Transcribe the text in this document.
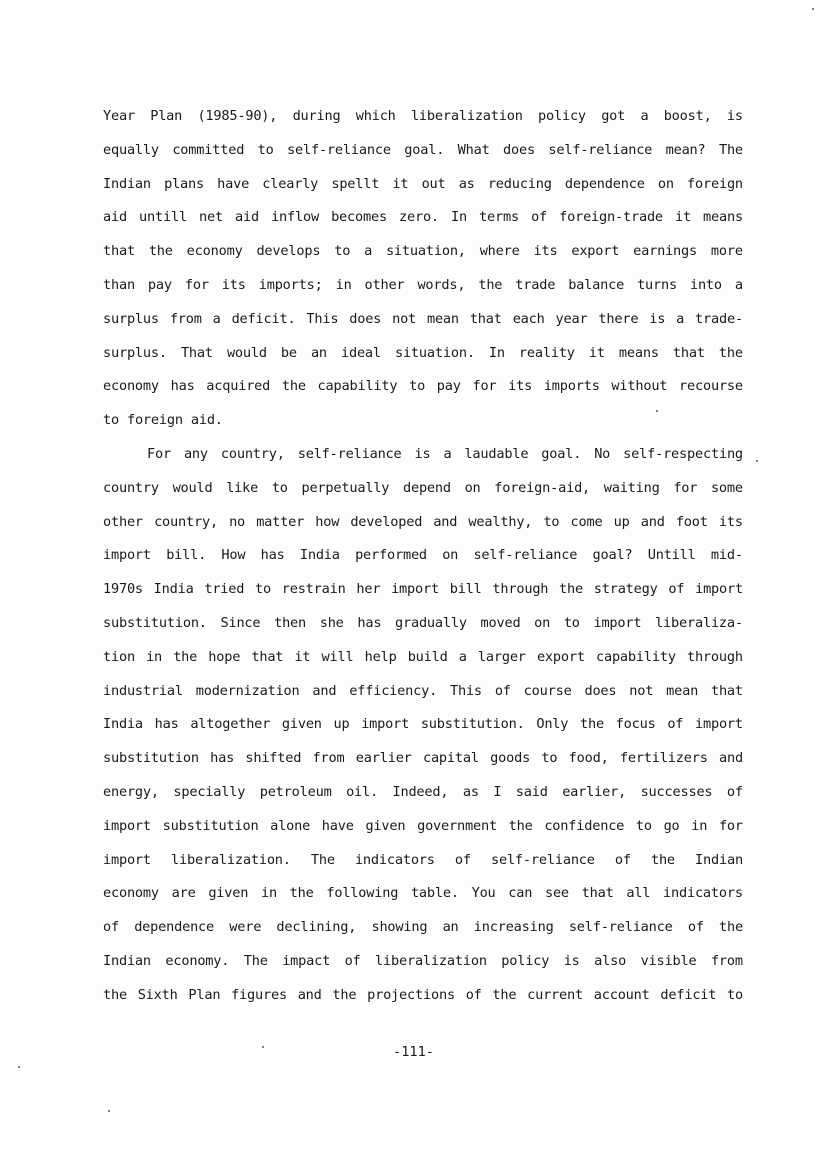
Year Plan (1985-90), during which liberalization policy got a boost, is
equally committed to self-reliance goal. What does self-reliance mean? The
Indian plans have clearly spellt it out as reducing dependence on foreign
aid untill net aid inflow becomes zero. In terms of foreign-trade it means
that the economy develops to a situation, where its export earnings more
than pay for its imports; in other words, the trade balance turns into a
surplus from a deficit. This does not mean that each year there is a trade-
surplus. That would be an ideal situation. In reality it means that the
economy has acquired the capability to pay for its imports without recourse
to foreign aid.
For any country, self-reliance is a laudable goal. No self-respecting
country would like to perpetually depend on foreign-aid, waiting for some
other country, no matter how developed and wealthy, to come up and foot its
import bill. How has India performed on self-reliance goal? Untill mid-
1970s India tried to restrain her import bill through the strategy of import
substitution. Since then she has gradually moved on to import liberaliza-
tion in the hope that it will help build a larger export capability through
industrial modernization and efficiency. This of course does not mean that
India has altogether given up import substitution. Only the focus of import
substitution has shifted from earlier capital goods to food, fertilizers and
energy, specially petroleum oil. Indeed, as I said earlier, successes of
import substitution alone have given government the confidence to go in for
import liberalization. The indicators of self-reliance of the Indian
economy are given in the following table. You can see that all indicators
of dependence were declining, showing an increasing self-reliance of the
Indian economy. The impact of liberalization policy is also visible from
the Sixth Plan figures and the projections of the current account deficit to
-111-
